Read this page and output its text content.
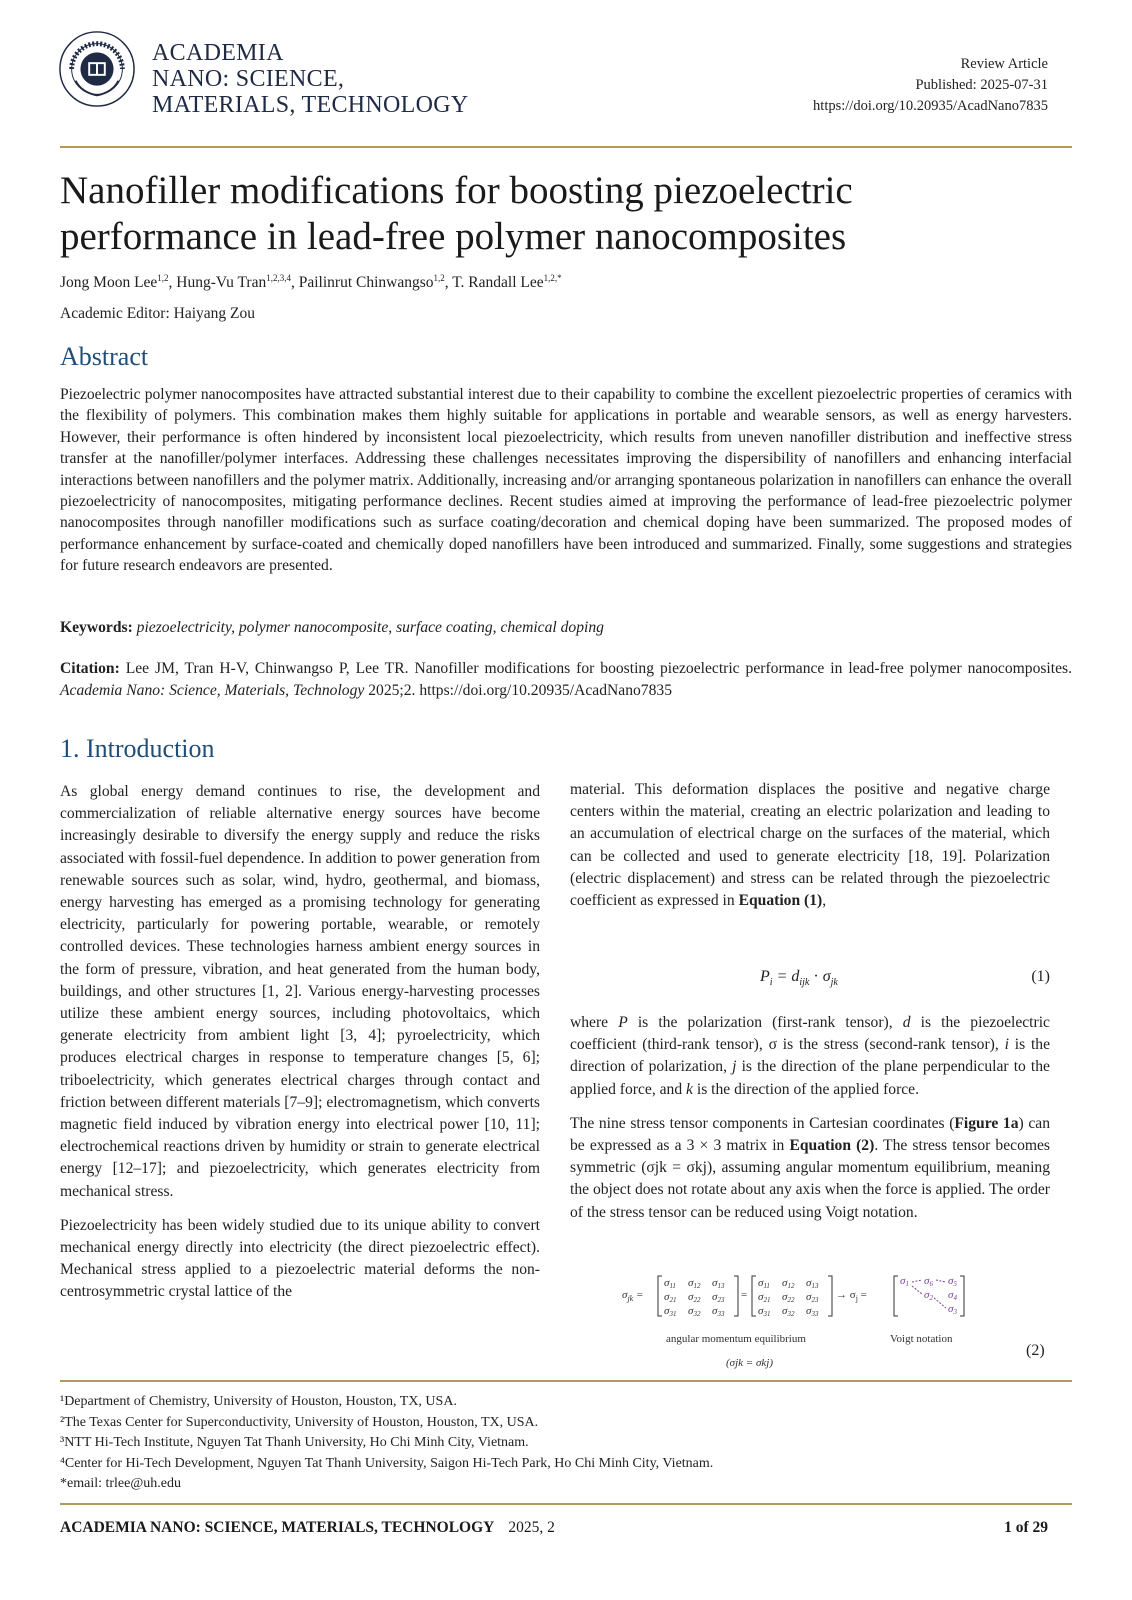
ACADEMIA
NANO: SCIENCE,
MATERIALS, TECHNOLOGY
Review Article
Published: 2025-07-31
https://doi.org/10.20935/AcadNano7835
Nanofiller modifications for boosting piezoelectric
performance in lead-free polymer nanocomposites
Jong Moon Lee$^{1,2}$, Hung-Vu Tran$^{1,2,3,4}$, Pailinrut Chinwangso$^{1,2}$, T. Randall Lee$^{1,2,*}$
Academic Editor: Haiyang Zou
Abstract
Piezoelectric polymer nanocomposites have attracted substantial interest due to their capability to combine the excellent piezoelectric properties of ceramics with the flexibility of polymers. This combination makes them highly suitable for applications in portable and wearable sensors, as well as energy harvesters. However, their performance is often hindered by inconsistent local piezoelectricity, which results from uneven nanofiller distribution and ineffective stress transfer at the nanofiller/polymer interfaces. Addressing these challenges necessitates improving the dispersibility of nanofillers and enhancing interfacial interactions between nanofillers and the polymer matrix. Additionally, increasing and/or arranging spontaneous polarization in nanofillers can enhance the overall piezoelectricity of nanocomposites, mitigating performance declines. Recent studies aimed at improving the performance of lead-free piezoelectric polymer nanocomposites through nanofiller modifications such as surface coating/decoration and chemical doping have been summarized. The proposed modes of performance enhancement by surface-coated and chemically doped nanofillers have been introduced and summarized. Finally, some suggestions and strategies for future research endeavors are presented.
Keywords: piezoelectricity, polymer nanocomposite, surface coating, chemical doping
Citation: Lee JM, Tran H-V, Chinwangso P, Lee TR. Nanofiller modifications for boosting piezoelectric performance in lead-free polymer nanocomposites. Academia Nano: Science, Materials, Technology 2025;2. https://doi.org/10.20935/AcadNano7835
1. Introduction

As global energy demand continues to rise, the development and commercialization of reliable alternative energy sources have become increasingly desirable to diversify the energy supply and reduce the risks associated with fossil-fuel dependence. In addition to power generation from renewable sources such as solar, wind, hydro, geothermal, and biomass, energy harvesting has emerged as a promising technology for generating electricity, particularly for powering portable, wearable, or remotely controlled devices. These technologies harness ambient energy sources in the form of pressure, vibration, and heat generated from the human body, buildings, and other structures [1, 2]. Various energy-harvesting processes utilize these ambient energy sources, including photovoltaics, which generate electricity from ambient light [3, 4]; pyroelectricity, which produces electrical charges in response to temperature changes [5, 6]; triboelectricity, which generates electrical charges through contact and friction between different materials [7–9]; electromagnetism, which converts magnetic field induced by vibration energy into electrical power [10, 11]; electrochemical reactions driven by humidity or strain to generate electrical energy [12–17]; and piezoelectricity, which generates electricity from mechanical stress.

Piezoelectricity has been widely studied due to its unique ability to convert mechanical energy directly into electricity (the direct piezoelectric effect). Mechanical stress applied to a piezoelectric material deforms the non-centrosymmetric crystal lattice of the

material. This deformation displaces the positive and negative charge centers within the material, creating an electric polarization and leading to an accumulation of electrical charge on the surfaces of the material, which can be collected and used to generate electricity [18, 19]. Polarization (electric displacement) and stress can be related through the piezoelectric coefficient as expressed in Equation (1),

$P_i = d_{ijk} \cdot \sigma_{jk}$	(1)

where P is the polarization (first-rank tensor), d is the piezoelectric coefficient (third-rank tensor), σ is the stress (second-rank tensor), i is the direction of polarization, j is the direction of the plane perpendicular to the applied force, and k is the direction of the applied force.

The nine stress tensor components in Cartesian coordinates (Figure 1a) can be expressed as a 3 × 3 matrix in Equation (2). The stress tensor becomes symmetric (σjk = σkj), assuming angular momentum equilibrium, meaning the object does not rotate about any axis when the force is applied. The order of the stress tensor can be reduced using Voigt notation.

$\sigma_{jk}$ =
σ11 σ12 σ13
σ21 σ22 σ23
σ31 σ32 σ33
=
σ11 σ12 σ13
σ21 σ22 σ23
σ31 σ32 σ33
→ $\sigma_j$ =
σ1 σ6 σ5
σ2 σ4
σ3
angular momentum equilibrium	Voigt notation
(σjk = σkj)
(2)
¹Department of Chemistry, University of Houston, Houston, TX, USA.
²The Texas Center for Superconductivity, University of Houston, Houston, TX, USA.
³NTT Hi-Tech Institute, Nguyen Tat Thanh University, Ho Chi Minh City, Vietnam.
⁴Center for Hi-Tech Development, Nguyen Tat Thanh University, Saigon Hi-Tech Park, Ho Chi Minh City, Vietnam.
*email: trlee@uh.edu
ACADEMIA NANO: SCIENCE, MATERIALS, TECHNOLOGY 2025, 2	1 of 29
